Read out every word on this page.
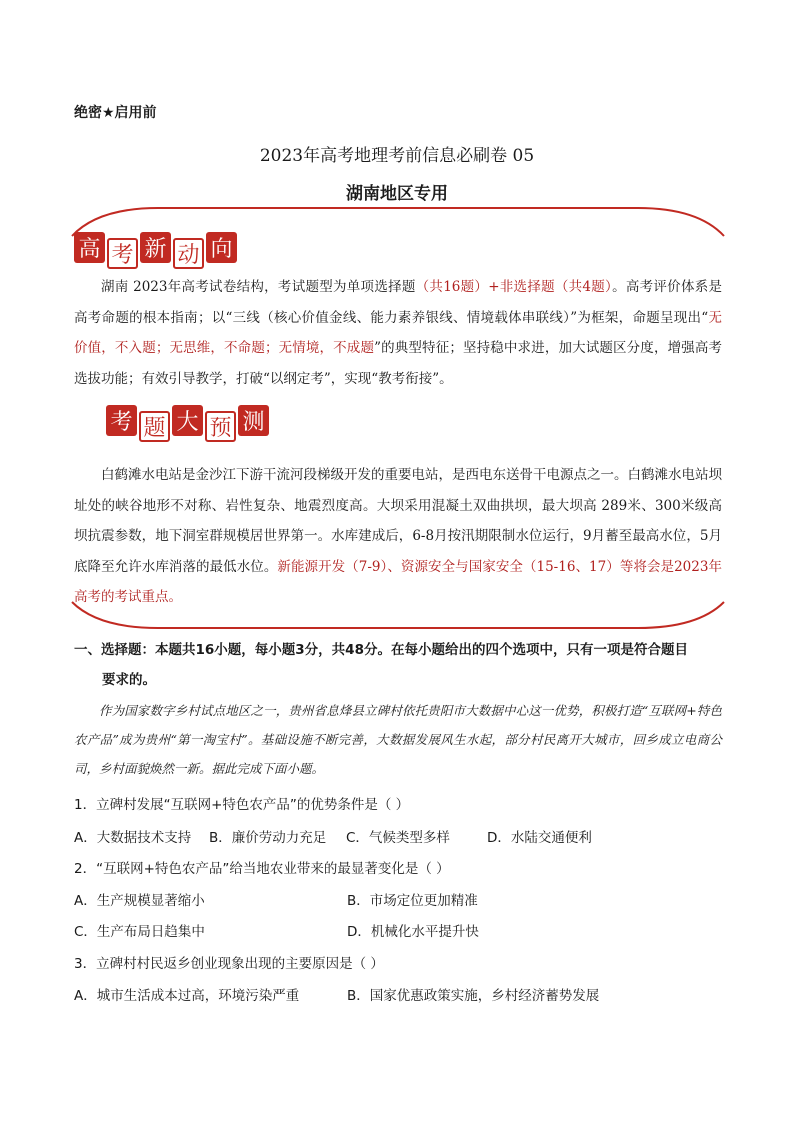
绝密★启用前
2023年高考地理考前信息必刷卷 05
湖南地区专用
高 考 新 动 向
湖南 2023年高考试卷结构，考试题型为单项选择题（共16题）+非选择题（共4题）。高考评价体系是高考命题的根本指南；以“三线（核心价值金线、能力素养银线、情境载体串联线）”为框架，命题呈现出“无价值，不入题；无思维，不命题；无情境，不成题”的典型特征；坚持稳中求进，加大试题区分度，增强高考选拔功能；有效引导教学，打破“以纲定考”，实现“教考衔接”。
考 题 大 预 测
白鹤滩水电站是金沙江下游干流河段梯级开发的重要电站，是西电东送骨干电源点之一。白鹤滩水电站坝址处的峡谷地形不对称、岩性复杂、地震烈度高。大坝采用混凝土双曲拱坝，最大坝高 289米、300米级高坝抗震参数，地下洞室群规模居世界第一。水库建成后，6-8月按汛期限制水位运行，9月蓄至最高水位，5月底降至允许水库消落的最低水位。新能源开发（7-9）、资源安全与国家安全（15-16、17）等将会是2023年高考的考试重点。
一、选择题：本题共16小题，每小题3分，共48分。在每小题给出的四个选项中，只有一项是符合题目
要求的。
作为国家数字乡村试点地区之一，贵州省息烽县立碑村依托贵阳市大数据中心这一优势，积极打造“互联网+特色农产品”成为贵州“第一淘宝村”。基础设施不断完善，大数据发展风生水起，部分村民离开大城市，回乡成立电商公司，乡村面貌焕然一新。据此完成下面小题。
1．立碑村发展“互联网+特色农产品”的优势条件是（ ）
A．大数据技术支持 B．廉价劳动力充足 C．气候类型多样	D．水陆交通便利
2．“互联网+特色农产品”给当地农业带来的最显著变化是（ ）
A．生产规模显著缩小	B．市场定位更加精准
C．生产布局日趋集中	D．机械化水平提升快
3．立碑村村民返乡创业现象出现的主要原因是（ ）
A．城市生活成本过高，环境污染严重	B．国家优惠政策实施，乡村经济蓄势发展
